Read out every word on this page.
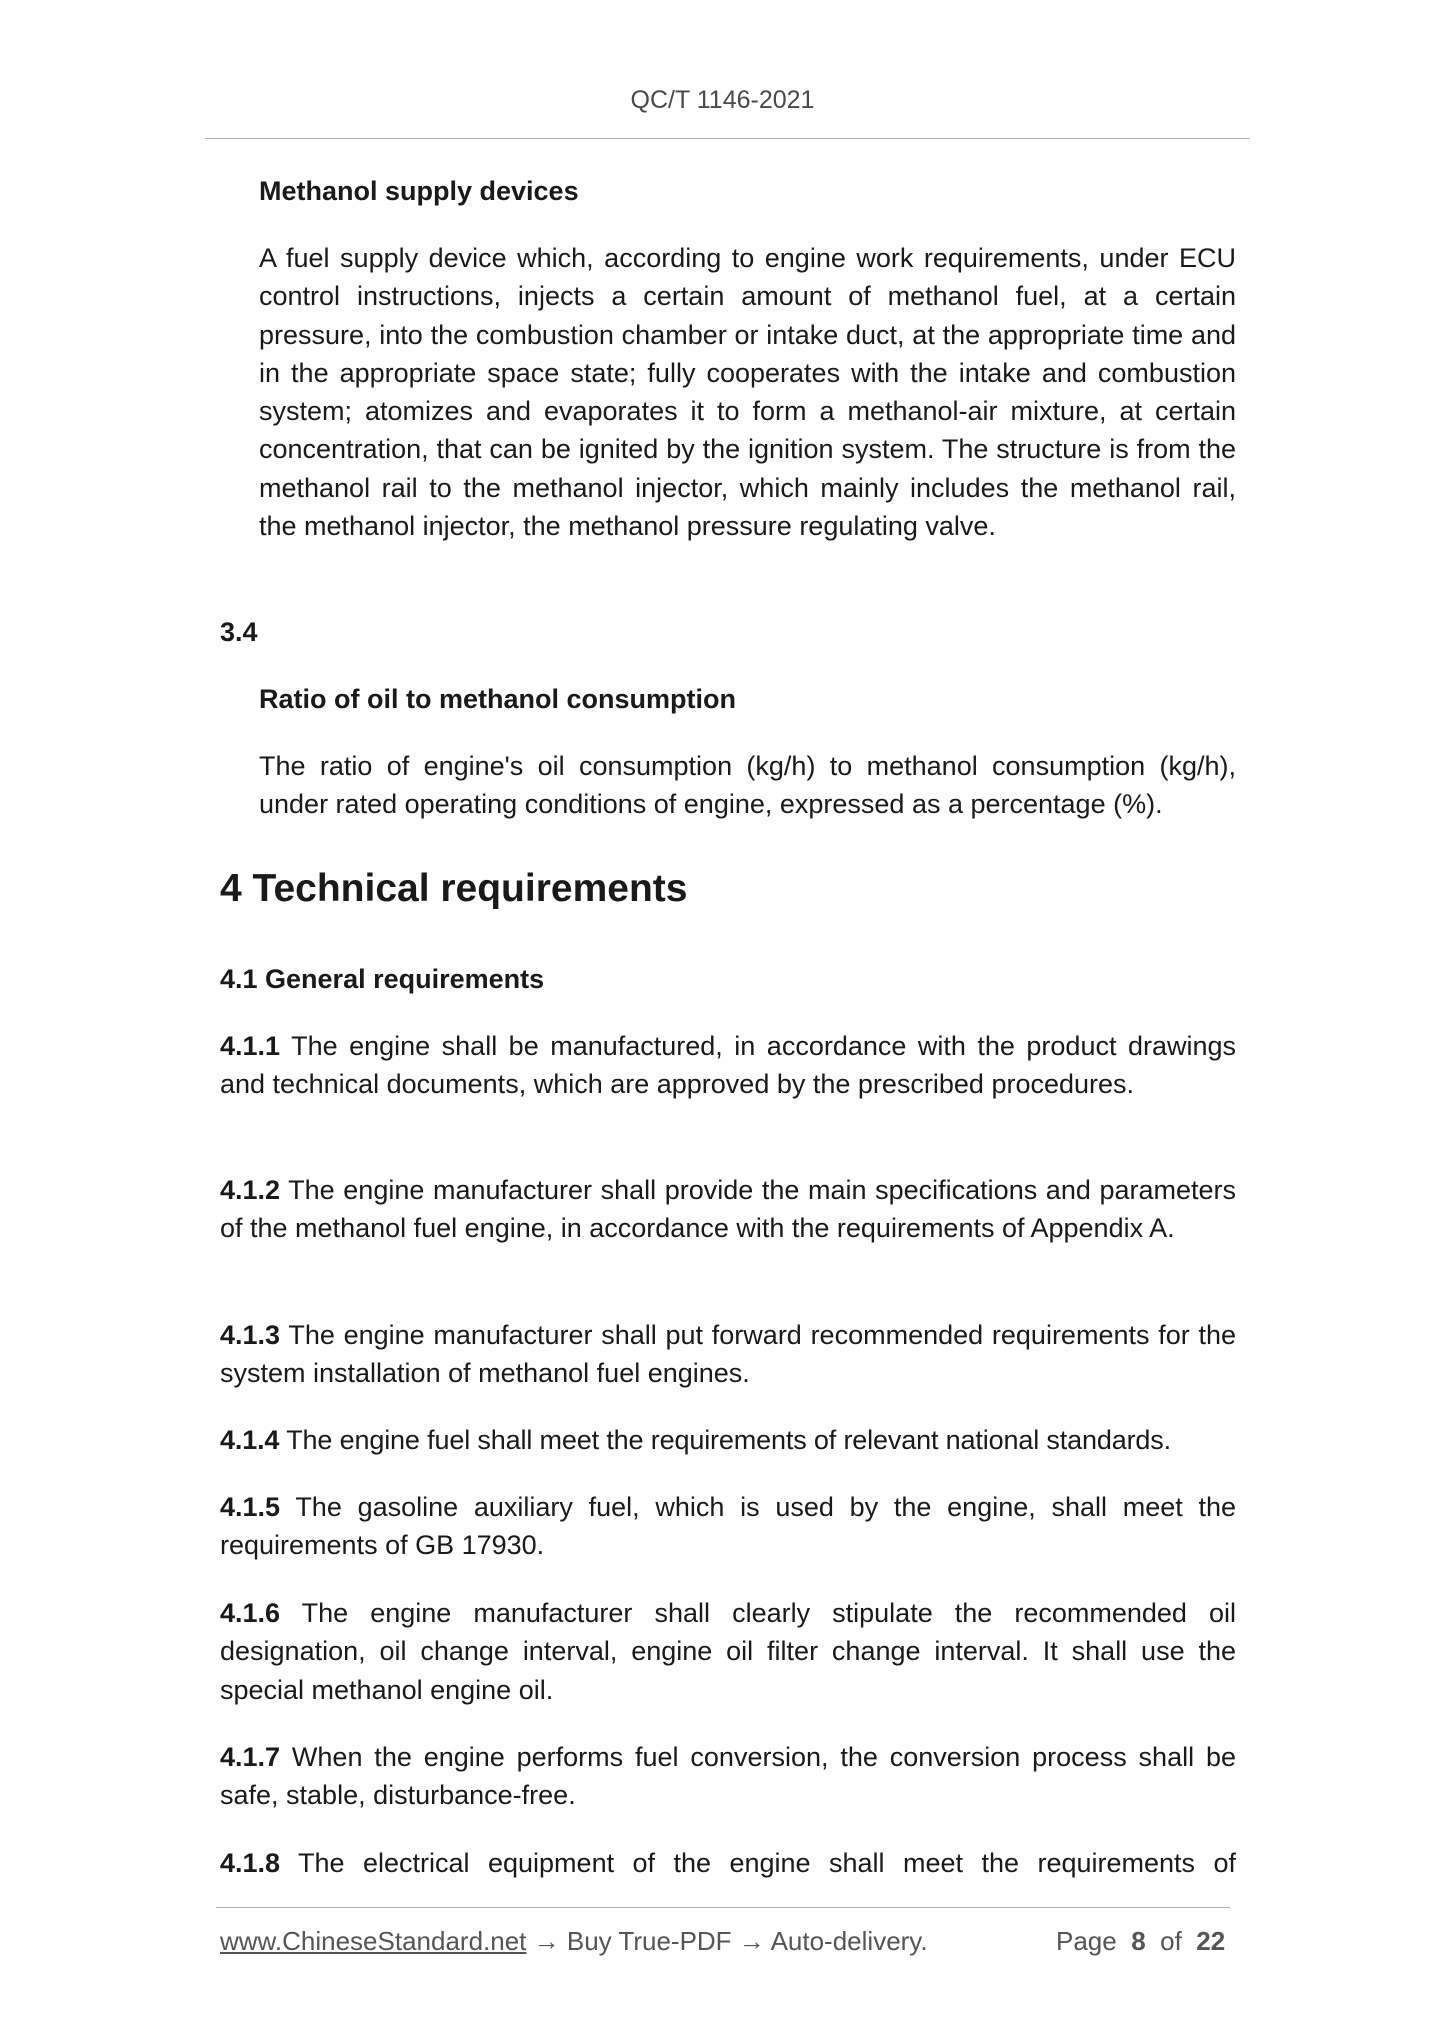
QC/T 1146-2021
Methanol supply devices
A fuel supply device which, according to engine work requirements, under ECU control instructions, injects a certain amount of methanol fuel, at a certain pressure, into the combustion chamber or intake duct, at the appropriate time and in the appropriate space state; fully cooperates with the intake and combustion system; atomizes and evaporates it to form a methanol-air mixture, at certain concentration, that can be ignited by the ignition system. The structure is from the methanol rail to the methanol injector, which mainly includes the methanol rail, the methanol injector, the methanol pressure regulating valve.
3.4
Ratio of oil to methanol consumption
The ratio of engine's oil consumption (kg/h) to methanol consumption (kg/h), under rated operating conditions of engine, expressed as a percentage (%).
4 Technical requirements
4.1 General requirements
4.1.1 The engine shall be manufactured, in accordance with the product drawings and technical documents, which are approved by the prescribed procedures.
4.1.2 The engine manufacturer shall provide the main specifications and parameters of the methanol fuel engine, in accordance with the requirements of Appendix A.
4.1.3 The engine manufacturer shall put forward recommended requirements for the system installation of methanol fuel engines.
4.1.4 The engine fuel shall meet the requirements of relevant national standards.
4.1.5 The gasoline auxiliary fuel, which is used by the engine, shall meet the requirements of GB 17930.
4.1.6 The engine manufacturer shall clearly stipulate the recommended oil designation, oil change interval, engine oil filter change interval. It shall use the special methanol engine oil.
4.1.7 When the engine performs fuel conversion, the conversion process shall be safe, stable, disturbance-free.
4.1.8 The electrical equipment of the engine shall meet the requirements of
www.ChineseStandard.net → Buy True-PDF → Auto-delivery.	Page 8 of 22
